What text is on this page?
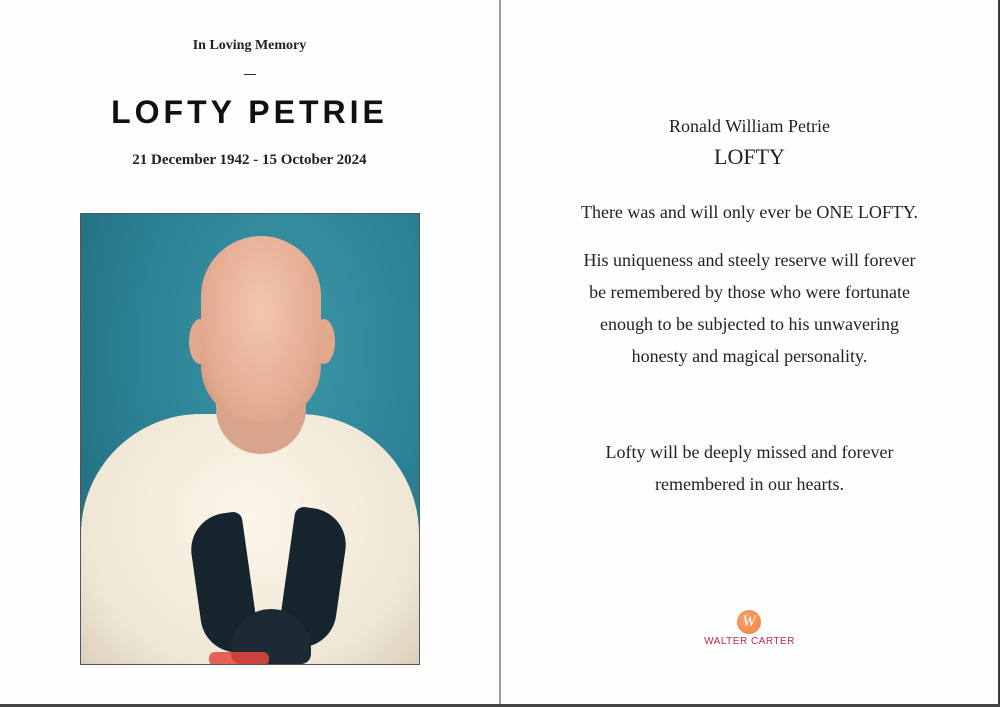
In Loving Memory
LOFTY PETRIE
21 December 1942 - 15 October 2024
Ronald William Petrie
LOFTY
There was and will only ever be ONE LOFTY.
His uniqueness and steely reserve will forever
be remembered by those who were fortunate
enough to be subjected to his unwavering
honesty and magical personality.
Lofty will be deeply missed and forever
remembered in our hearts.
W
WALTER CARTER
